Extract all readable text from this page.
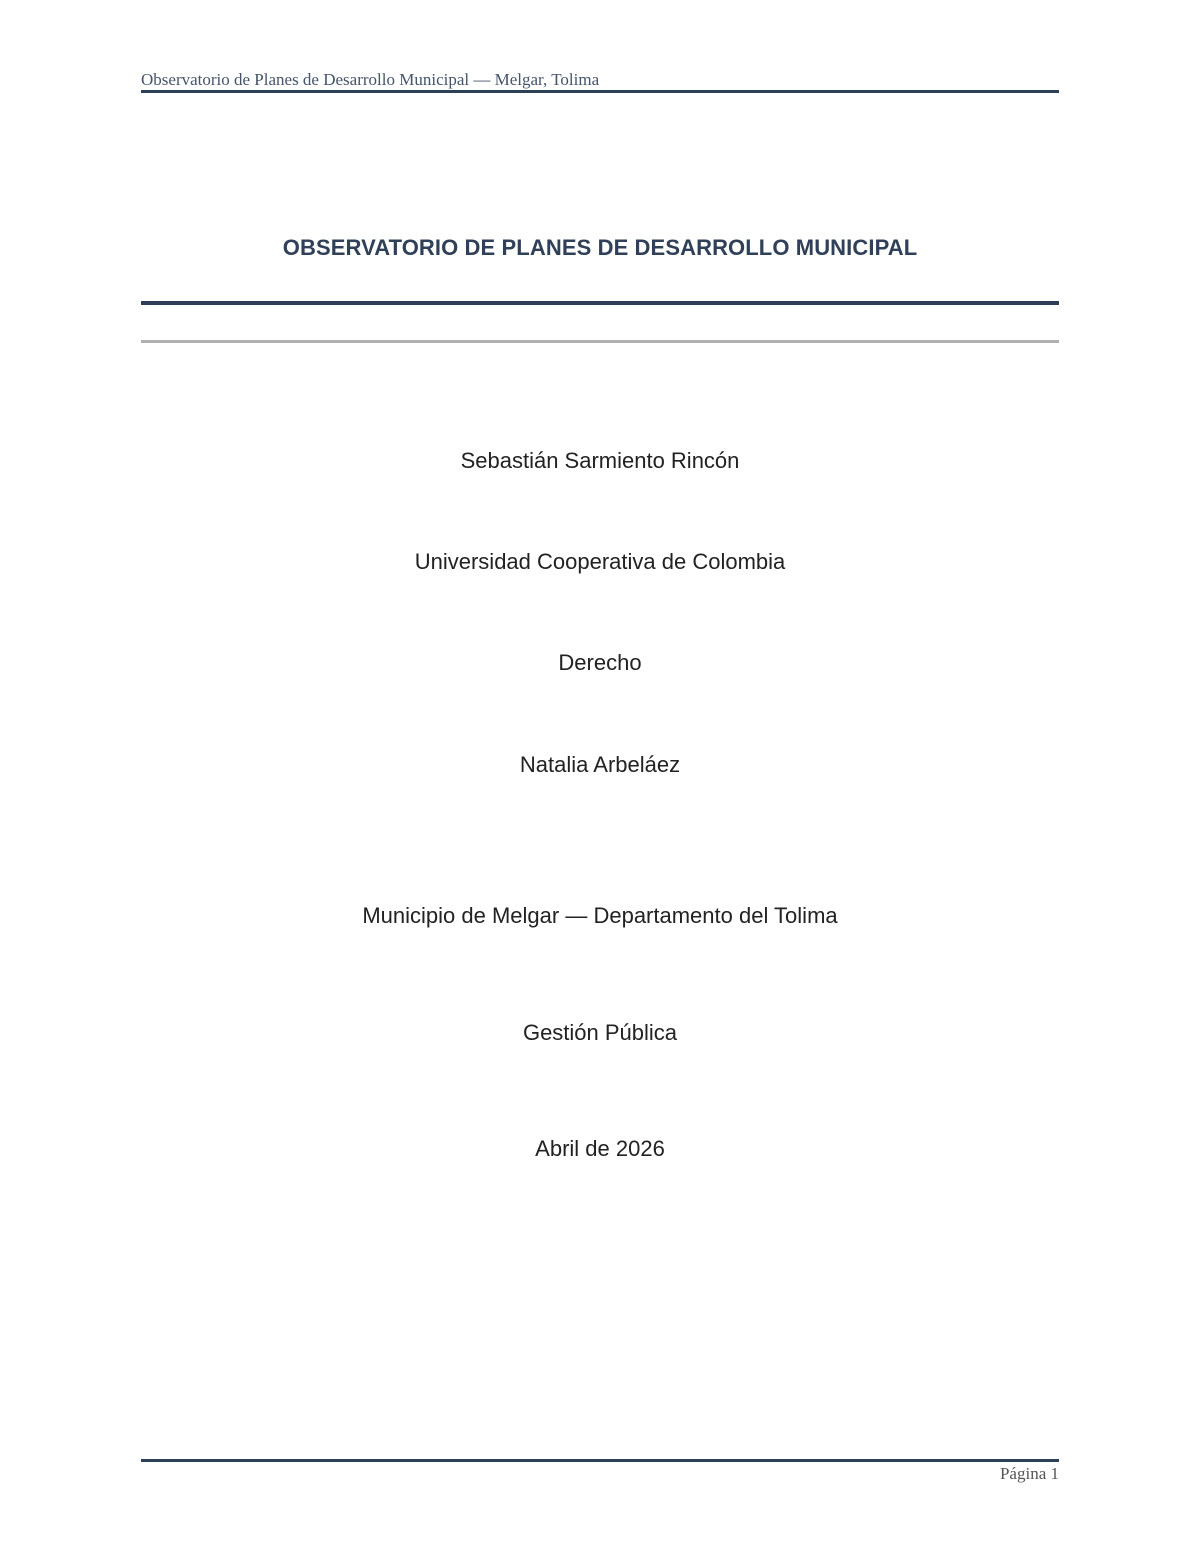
Observatorio de Planes de Desarrollo Municipal — Melgar, Tolima
OBSERVATORIO DE PLANES DE DESARROLLO MUNICIPAL
Sebastián Sarmiento Rincón
Universidad Cooperativa de Colombia
Derecho
Natalia Arbeláez
Municipio de Melgar — Departamento del Tolima
Gestión Pública
Abril de 2026
Página 1
